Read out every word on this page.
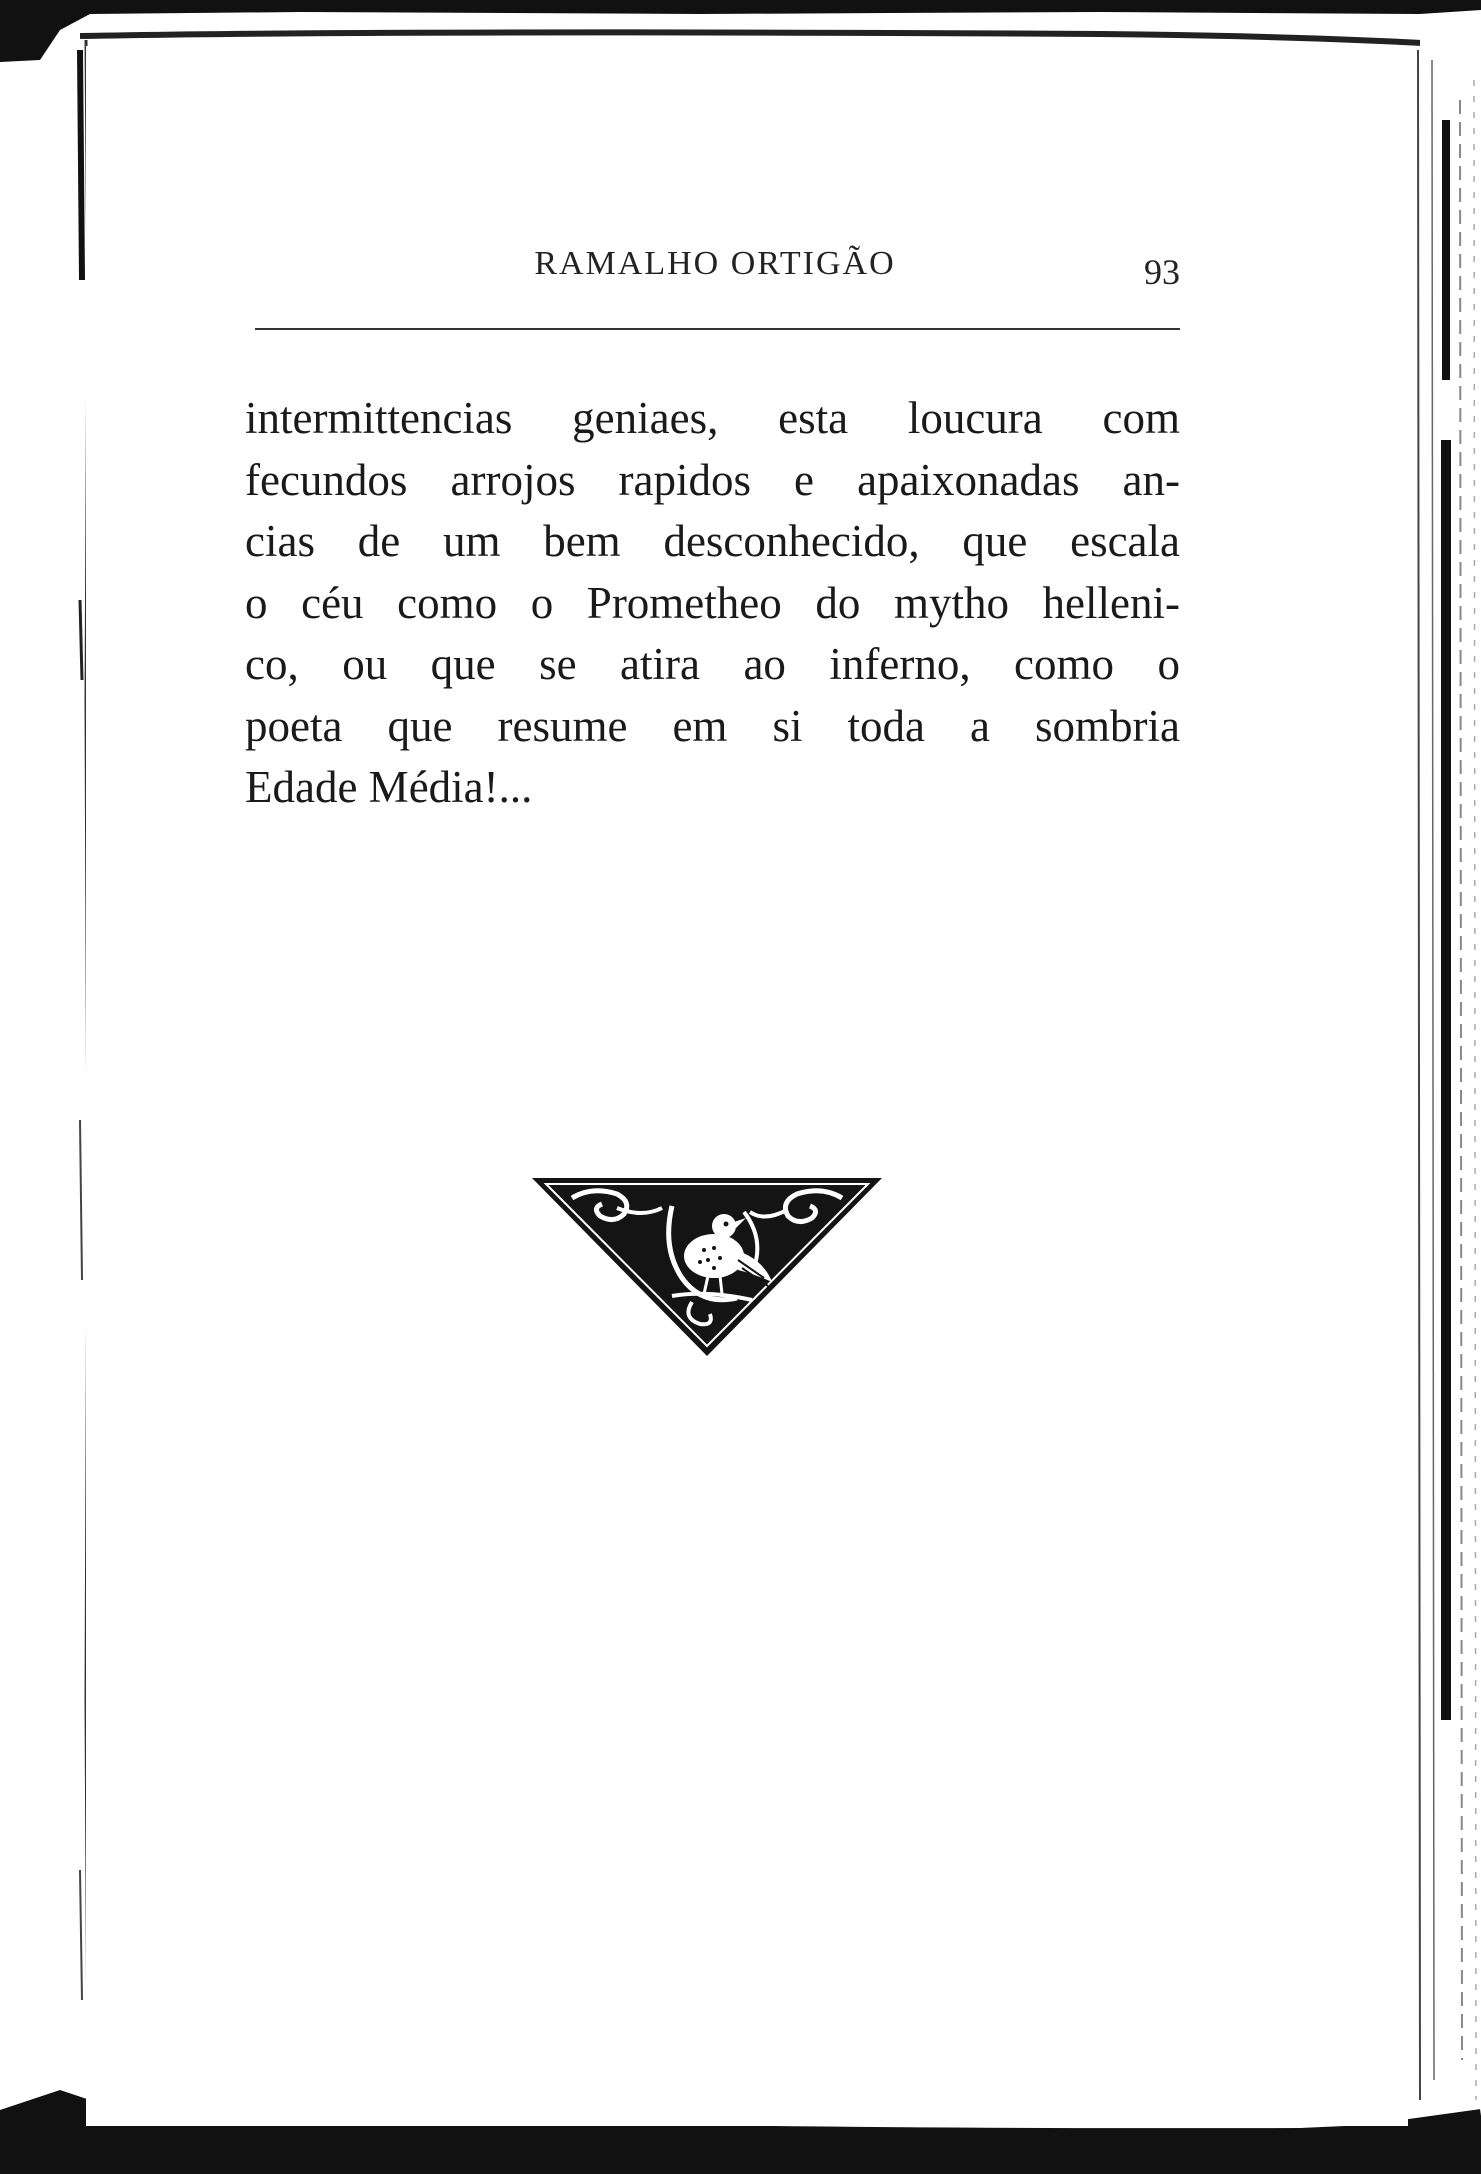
RAMALHO ORTIGÃO	93
intermittencias geniaes, esta loucura com
fecundos arrojos rapidos e apaixonadas an-
cias de um bem desconhecido, que escala
o céu como o Prometheo do mytho helleni-
co, ou que se atira ao inferno, como o
poeta que resume em si toda a sombria
Edade Média!...
